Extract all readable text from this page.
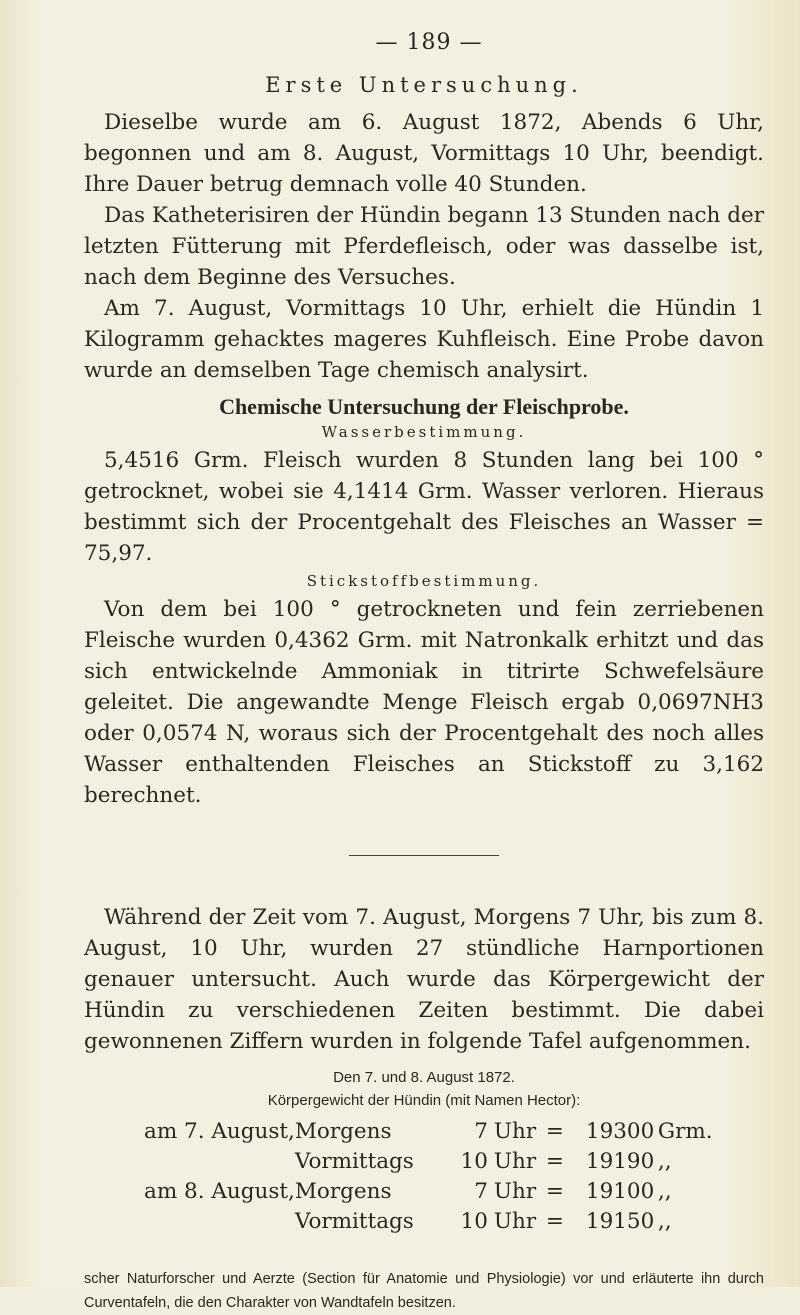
— 189 —
Erste Untersuchung.

Dieselbe wurde am 6. August 1872, Abends 6 Uhr, begonnen und am 8. August, Vormittags 10 Uhr, beendigt. Ihre Dauer betrug demnach volle 40 Stunden.

Das Katheterisiren der Hündin begann 13 Stunden nach der letzten Fütterung mit Pferdefleisch, oder was dasselbe ist, nach dem Beginne des Versuches.

Am 7. August, Vormittags 10 Uhr, erhielt die Hündin 1 Kilogramm gehacktes mageres Kuhfleisch. Eine Probe davon wurde an demselben Tage chemisch analysirt.

Chemische Untersuchung der Fleischprobe.
Wasserbestimmung.

5,4516 Grm. Fleisch wurden 8 Stunden lang bei 100 ° getrocknet, wobei sie 4,1414 Grm. Wasser verloren. Hieraus bestimmt sich der Procentgehalt des Fleisches an Wasser = 75,97.

Stickstoffbestimmung.

Von dem bei 100 ° getrockneten und fein zerriebenen Fleische wurden 0,4362 Grm. mit Natronkalk erhitzt und das sich entwickelnde Ammoniak in titrirte Schwefelsäure geleitet. Die angewandte Menge Fleisch ergab 0,0697NH3 oder 0,0574 N, woraus sich der Procentgehalt des noch alles Wasser enthaltenden Fleisches an Stickstoff zu 3,162 berechnet.

Während der Zeit vom 7. August, Morgens 7 Uhr, bis zum 8. August, 10 Uhr, wurden 27 stündliche Harnportionen genauer untersucht. Auch wurde das Körpergewicht der Hündin zu verschiedenen Zeiten bestimmt. Die dabei gewonnenen Ziffern wurden in folgende Tafel aufgenommen.

Den 7. und 8. August 1872.
Körpergewicht der Hündin (mit Namen Hector):
am 7. August,	Morgens	7	Uhr	=	19300	Grm.
	Vormittags	10	Uhr	=	19190	,,
am 8. August,	Morgens	7	Uhr	=	19100	,,
	Vormittags	10	Uhr	=	19150	,,
scher Naturforscher und Aerzte (Section für Anatomie und Physiologie) vor und erläuterte ihn durch Curventafeln, die den Charakter von Wandtafeln besitzen.
